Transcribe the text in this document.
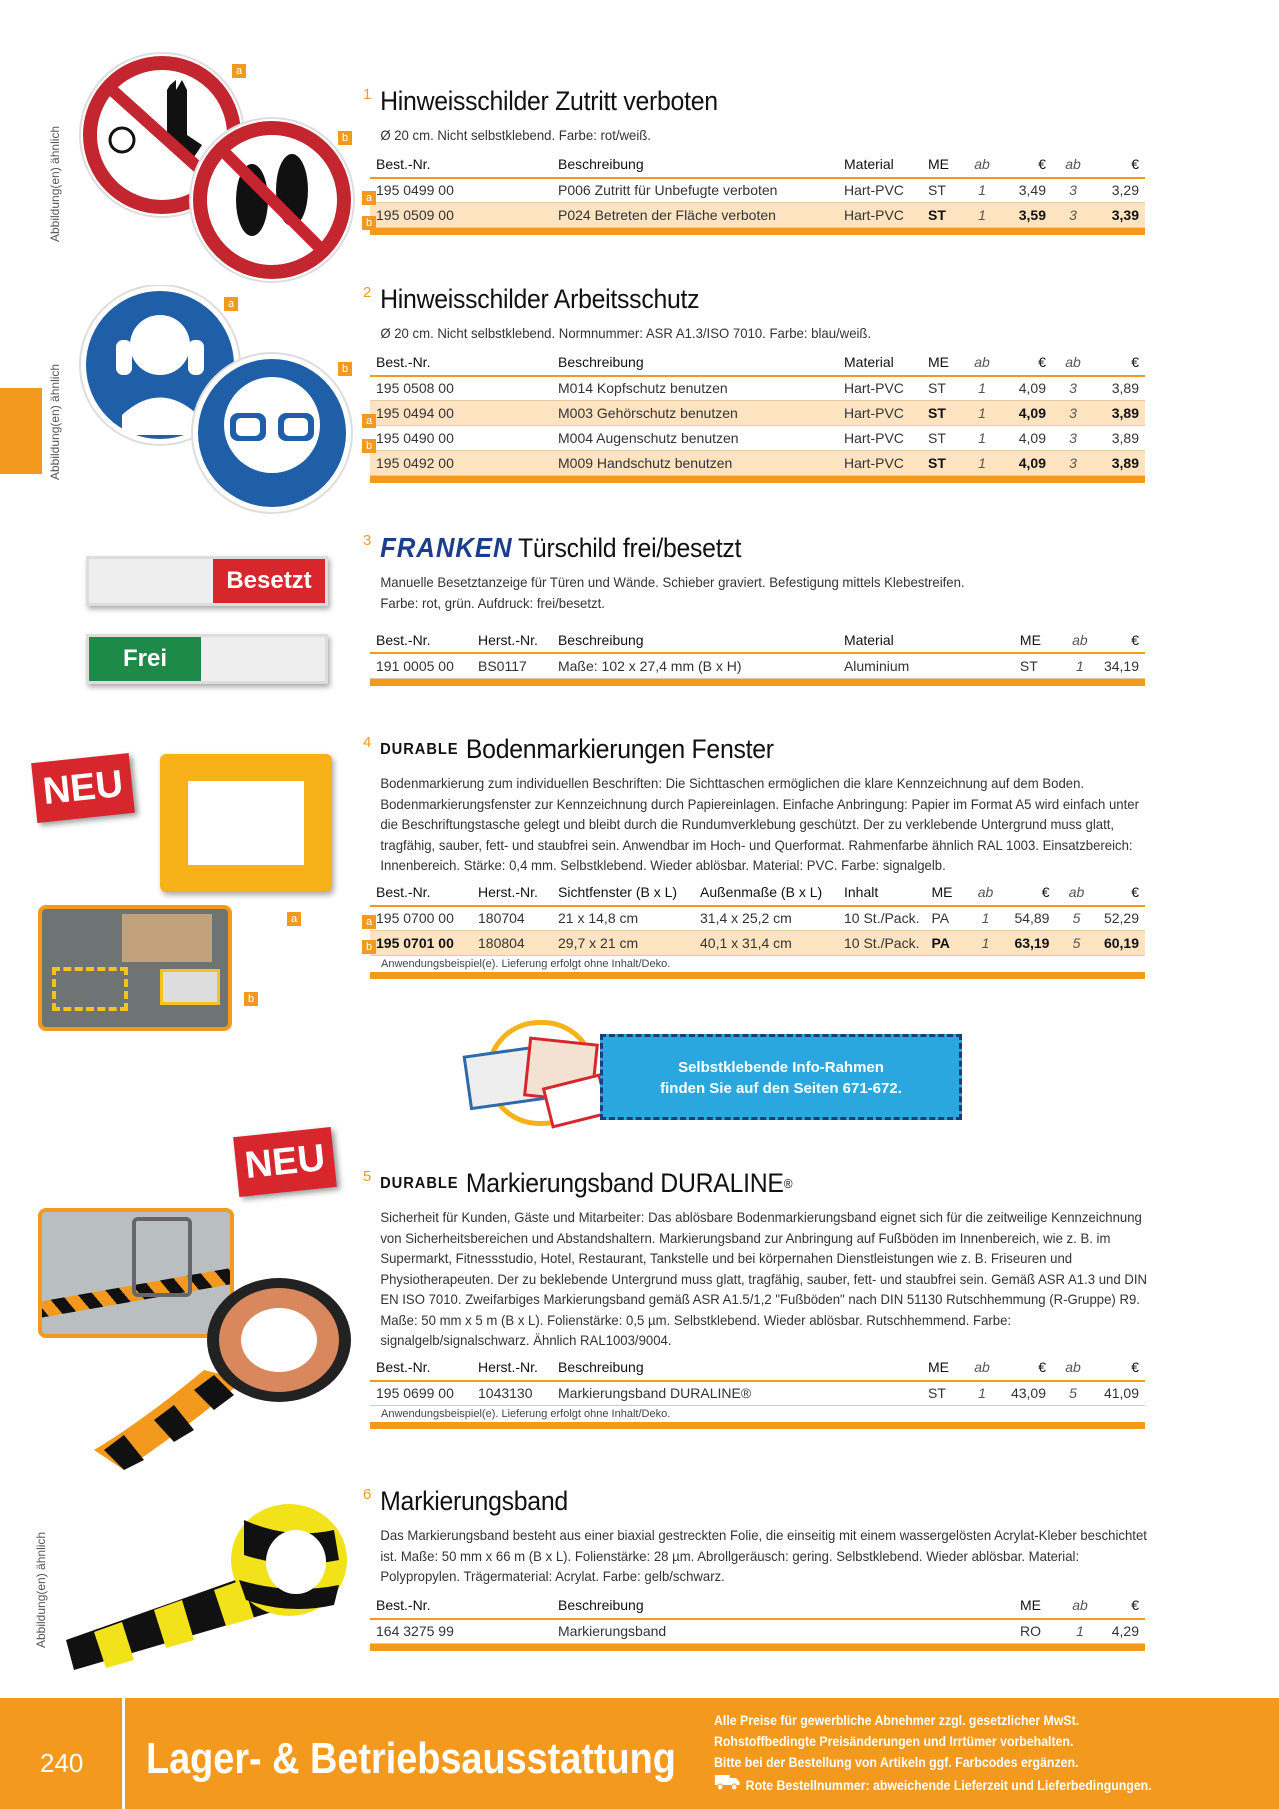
Abbildung(en) ähnlich
Abbildung(en) ähnlich
Abbildung(en) ähnlich
a
b
a
b
Besetzt
Frei
NEU
a
b
Selbstklebende Info-Rahmen
finden Sie auf den Seiten 671-672.
NEU
1 Hinweisschilder Zutritt verboten

Ø 20 cm. Nicht selbstklebend. Farbe: rot/weiß.

Best.-Nr.	Beschreibung	Material	ME	ab	€	ab	€
195 0499 00	P006 Zutritt für Unbefugte verboten	Hart-PVC	ST	1	3,49	3	3,29
195 0509 00	P024 Betreten der Fläche verboten	Hart-PVC	ST	1	3,59	3	3,39
a
b
2 Hinweisschilder Arbeitsschutz

Ø 20 cm. Nicht selbstklebend. Normnummer: ASR A1.3/ISO 7010. Farbe: blau/weiß.

Best.-Nr.	Beschreibung	Material	ME	ab	€	ab	€
195 0508 00	M014 Kopfschutz benutzen	Hart-PVC	ST	1	4,09	3	3,89
195 0494 00	M003 Gehörschutz benutzen	Hart-PVC	ST	1	4,09	3	3,89
195 0490 00	M004 Augenschutz benutzen	Hart-PVC	ST	1	4,09	3	3,89
195 0492 00	M009 Handschutz benutzen	Hart-PVC	ST	1	4,09	3	3,89
a
b
3 FRANKEN Türschild frei/besetzt

Manuelle Besetztanzeige für Türen und Wände. Schieber graviert. Befestigung mittels Klebestreifen. Farbe: rot, grün. Aufdruck: frei/besetzt.

Best.-Nr.	Herst.-Nr.	Beschreibung	Material	ME	ab	€
191 0005 00	BS0117	Maße: 102 x 27,4 mm (B x H)	Aluminium	ST	1	34,19
4 DURABLE Bodenmarkierungen Fenster

Bodenmarkierung zum individuellen Beschriften: Die Sichttaschen ermöglichen die klare Kennzeichnung auf dem Boden. Bodenmarkierungsfenster zur Kennzeichnung durch Papiereinlagen. Einfache Anbringung: Papier im Format A5 wird einfach unter die Beschriftungstasche gelegt und bleibt durch die Rundumverklebung geschützt. Der zu verklebende Untergrund muss glatt, tragfähig, sauber, fett- und staubfrei sein. Anwendbar im Hoch- und Querformat. Rahmenfarbe ähnlich RAL 1003. Einsatzbereich: Innenbereich. Stärke: 0,4 mm. Selbstklebend. Wieder ablösbar. Material: PVC. Farbe: signalgelb.

Best.-Nr.	Herst.-Nr.	Sichtfenster (B x L)	Außenmaße (B x L)	Inhalt	ME	ab	€	ab	€
195 0700 00	180704	21 x 14,8 cm	31,4 x 25,2 cm	10 St./Pack.	PA	1	54,89	5	52,29
195 0701 00	180804	29,7 x 21 cm	40,1 x 31,4 cm	10 St./Pack.	PA	1	63,19	5	60,19
Anwendungsbeispiel(e). Lieferung erfolgt ohne Inhalt/Deko.
a
b
5 DURABLE Markierungsband DURALINE ®

Sicherheit für Kunden, Gäste und Mitarbeiter: Das ablösbare Bodenmarkierungsband eignet sich für die zeitweilige Kennzeichnung von Sicherheitsbereichen und Abstandshaltern. Markierungsband zur Anbringung auf Fußböden im Innenbereich, wie z. B. im Supermarkt, Fitnessstudio, Hotel, Restaurant, Tankstelle und bei körpernahen Dienstleistungen wie z. B. Friseuren und Physiotherapeuten. Der zu beklebende Untergrund muss glatt, tragfähig, sauber, fett- und staubfrei sein. Gemäß ASR A1.3 und DIN EN ISO 7010. Zweifarbiges Markierungsband gemäß ASR A1.5/1,2 "Fußböden" nach DIN 51130 Rutschhemmung (R-Gruppe) R9. Maße: 50 mm x 5 m (B x L). Folienstärke: 0,5 µm. Selbstklebend. Wieder ablösbar. Rutschhemmend. Farbe: signalgelb/signalschwarz. Ähnlich RAL1003/9004.

Best.-Nr.	Herst.-Nr.	Beschreibung	ME	ab	€	ab	€
195 0699 00	1043130	Markierungsband DURALINE®	ST	1	43,09	5	41,09
Anwendungsbeispiel(e). Lieferung erfolgt ohne Inhalt/Deko.
6 Markierungsband

Das Markierungsband besteht aus einer biaxial gestreckten Folie, die einseitig mit einem wassergelösten Acrylat-Kleber beschichtet ist. Maße: 50 mm x 66 m (B x L). Folienstärke: 28 µm. Abrollgeräusch: gering. Selbstklebend. Wieder ablösbar. Material: Polypropylen. Trägermaterial: Acrylat. Farbe: gelb/schwarz.

Best.-Nr.	Beschreibung	ME	ab	€
164 3275 99	Markierungsband	RO	1	4,29
240 Lager- & Betriebsausstattung
Alle Preise für gewerbliche Abnehmer zzgl. gesetzlicher MwSt.
Rohstoffbedingte Preisänderungen und Irrtümer vorbehalten.
Bitte bei der Bestellung von Artikeln ggf. Farbcodes ergänzen.
Rote Bestellnummer: abweichende Lieferzeit und Lieferbedingungen.
